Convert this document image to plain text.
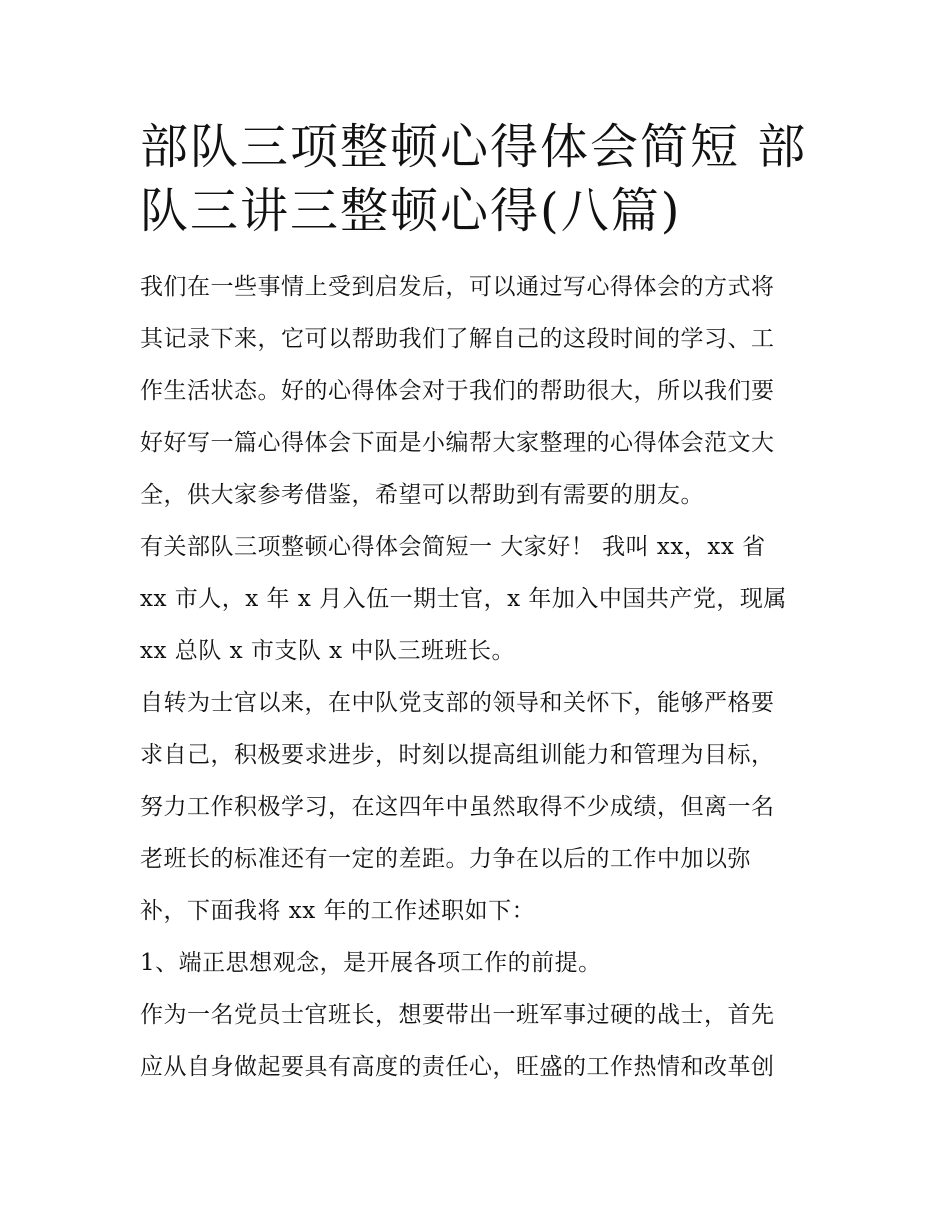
部队三项整顿心得体会简短 部
队三讲三整顿心得(八篇)
我们在一些事情上受到启发后，可以通过写心得体会的方式将
其记录下来，它可以帮助我们了解自己的这段时间的学习、工
作生活状态。好的心得体会对于我们的帮助很大，所以我们要
好好写一篇心得体会下面是小编帮大家整理的心得体会范文大
全，供大家参考借鉴，希望可以帮助到有需要的朋友。
有关部队三项整顿心得体会简短一 大家好！ 我叫 xx，xx 省
xx 市人，x 年 x 月入伍一期士官，x 年加入中国共产党，现属
xx 总队 x 市支队 x 中队三班班长。
自转为士官以来，在中队党支部的领导和关怀下，能够严格要
求自己，积极要求进步，时刻以提高组训能力和管理为目标，
努力工作积极学习，在这四年中虽然取得不少成绩，但离一名
老班长的标准还有一定的差距。力争在以后的工作中加以弥
补，下面我将 xx 年的工作述职如下：
1、端正思想观念，是开展各项工作的前提。
作为一名党员士官班长，想要带出一班军事过硬的战士，首先
应从自身做起要具有高度的责任心，旺盛的工作热情和改革创
